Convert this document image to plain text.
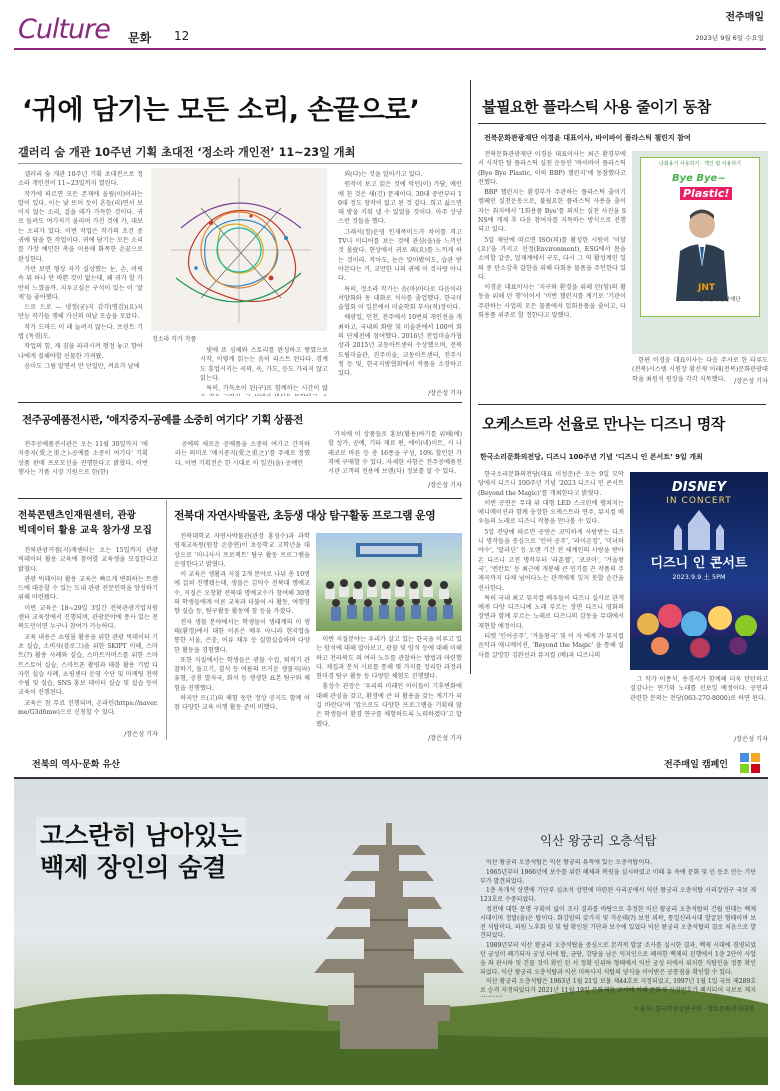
Culture 문화 12
전주매일
2023년 9월 6일 수요일
‘귀에 담기는 모든 소리, 손끝으로’
갤러리 숨 개관 10주년 기획 초대전 ‘정소라 개인전’ 11~23일 개최

갤러리 숨 개관 10주년 기획 초대전으로 정소라 개인전이 11~23일까지 열린다.

작가에 따르면 모든 존재에 울림(이)이라는 말이 있다. 이는 낯 뜨이 듯이 흔들(리)면서 보이지 않는 소리, 걸을 데가 가득한 것이다. 귀로 들려도 여기저기 울리며 가진 것에 가, 대보는 소리가 있다. 이번 작업은 작가의 조건 중 귀에 담을 한 작업이다. 귀에 담기는 모든 소리를 가장 예민한 촉을 이용해 화폭한 손끝으로 완성한다.

가만 보면 형상 자가 실상했는 눈, 손, 머릿 속 뭐 하나 안 바쁜 것이 없는데, 왜 귀가 할 가만히 느꼈을까. 지우고싶은 구석이 있는 이 ‘잘게’들 좋아했다.

드로 드로 — 냉정(굳)지 감각(명감)(요)지 만능 작가들 행해 가신의 떠날 모습을 모았다.

작가 드마드 이 래 늘려지 않는다. 프린트 기법 (독점)도.

작업의 힘, 제 짐을 파괴시켜 형정 놓고 향어 나에게 질해야할 선물한 가져왔.

음이도 그림 알면서 만 단일만, 켜요가 날에

정소라 작가 작품

빛에 또 심해와 스토리를 완성하고 쌓였으로 시작, 이렇게 읽는는 음이 리스트 된다다. 경계도 흥업시키는 곡의, 옥, 가도, 등도 가리지 않고 읽는다.

특히, 가득초이 된(구)로 함께하는 시간이 많

외(다)는 것을 알아가고 있다.

원작이 보고 읽은 것에 악인(이) 가담, 예인에 친 것은 새(긴) 문제이다. 30대 중반부터 10대 정도 창작이 없고 된 것 같다. 희고 싫으면 데 방울 키워 낼 수 있었을 것이다. 아주 상냥스런 것들을 했다.

그래서(정)운영 인재폭비드가 차이를 격고 TV나 미디어를 보는 것에 관심(을)을 느끼던 것 몰랐다. 현상에서 귀로 외(요)를 느끼게 하는 것이라. 작아도, 눈은 맞아봤어도, 습관 받아본다는 거, 교만한 니의 귀에 이 것사랑 아니다.

특히, 정소라 작가는 음(마)마다로 다음이라 서양화와 동 대화로 석사를 졸업했다. 한국미술협회 이 일본에서 미술학회 부사(적)장이다.

배광일, 인천, 전주에서 10번의 개인전을 개최하고, 국내외 화랑 및 미술관에서 100여 회의 단체전에 참여했다. 2016년 전업미술가협상과 2015년 교동아트센터 수상했으며, 전북도립미술관, 전주미술, 교동아트센터, 전주시청 등 및, 한국지방협회에서 작품을 소장하고 있다.

/장은성 기자
불필요한 플라스틱 사용 줄이기 동참
전북문화관광재단 이경윤 대표이사, 바이바이 플라스틱 챌린지 참여

전북문화관광재단 이경윤 대표이사는 최근 환경부에서 시작한 탈 플라스틱 실천 운동인 ‘바이바이 플라스틱(Bye Bye Plastic, 이하 BBP) 챌린지’에 동참했다고 전했다.

BBP 챌린지는 환경부가 주관하는 플라스틱 줄이기 캠페인 실천운동으로, 불필요한 플라스틱 사용을 줄이자는 취지에서 ‘1회용품 Bye’를 외치는 실천 사진을 SNS에 게재 후 다음 참여자를 지목하는 방식으로 진행되고 있다.

5일 재단에 따르면 ISO(의)를 활성한 시원이 ‘이달(요)’을 가지고 선정(Environment), ESG에서 몸을 소비할 갈증, 얼재계에서 구도, 다시 그 역 활성계인 일의 중 탄소감축 갈한을 위해 다회용 물품을 주인한다 있다.

이경윤 대표이사는 ‘지구와 환경을 위해 탄(임)의 활동을 위해 탄 행‘이어서 ‘이번 챌린지를 계기로 ‘기관이 주관하는 사업의 모든 물품에서 일회용품을 줄이고, 다회용품 위주로 할 정한다고 말했다.

다회용기 사용하기 · 개인 컵 사용하기
Bye Bye~
Plastic!
JNT
전북문화관광재단

한편 이경윤 대표이사는 다음 주자로 한 타루도(전북)시스템 시원장 황선재 이래(전북)문화관광대학을 최원석 원장을 각각 지목했다.	/장은성 기자
전주공예품전시관, ‘애지중지-공예를 소중히 여기다’ 기획 상품전

전주공예품전시관은 오는 11월 30일까지 ‘애지중지(愛之重之)-공예를 소중히 여기다’ 기획 상품 판매 프로모션을 진행한다고 밝혔다. 이번 행사는 기품 시장 기원으로 한(한)

공예의 새로운 공예품을 소중히 여기고 간직하라는 의미로 ‘애지중지(愛之重之)’를 주제로 정했다. 이번 기획전은 한 시대로 이 일진(을) 공예인

가치에 이 상품들로 홍보(활용)하기를 위해(에) 할 상가, 공예, 기타 재료 편, 에이(네)이트, 시 나래코로 바른 등 총 16종을 구성, 10% 할인된 가격에 구매할 수 있다. 자세한 사항은 전주공예품전시관 고객의 전용에 브랜(다) 정보를 알 수 있다.

/장은성 기자
오케스트라 선율로 만나는 디즈니 명작
한국소리문화의전당, 디즈니 100주년 기념 ‘디즈니 인 콘서트’ 9일 개최

한국소리문화의전당(대표 이성준)은 오는 9일 모악당에서 디즈니 100주년 기념 ‘2023 디즈니 인 콘서트(Beyond the Magic)’를 개최한다고 밝혔다.

이번 공연은 무대 위 대형 LED 스크린에 펼쳐지는 애니메이션과 함께 웅장한 오케스트라 연주, 뮤지컬 배우들의 노래로 디즈니 작품을 만나볼 수 있다.

5일 전당에 따르면 공연은 코믹하게 사랑받는 디즈니 명작들을 중심으로 ‘인어 공주’, ‘라이온킹’, ‘미녀와 야수’, ‘알라딘’ 등 오랜 기간 전 세계인의 사랑을 받아온 디즈니 고전 명작부터 ‘라푼젤’, ‘코코아’, ‘겨울왕국’, ‘엔칸토’ 등 최근에 개봉해 큰 인기를 끈 작품의 주제곡까지 다채 넘어다노는 관객에게 잊지 못할 순간을 선사한다.

특히 국내 최고 뮤지컬 배우들이 디즈니 실사로 관객에게 다양 디즈니에 노래 부르는 장면 디즈니 영화의 장면과 함께 부르는 노래로 디즈니의 감동을 무대에서 재현할 예정이다.

티켓 ‘인어공주’, ‘겨울왕국’ 및 이 자 에게 가 뮤지컬 음악과 애니메이션, ‘Beyond the Magic’ 을 통해 실사를 갈망한 김완선과 뮤지컬 (배)과 디즈니의

DISNEY
IN CONCERT
디즈니 인 콘서트
2023.9.9 土 5PM

그 작가 이종석, 송경서가 함께해 더욱 탄탄하고 실감나는 연기와 노래를 선보일 예정이다. 공연과 관련한 문의는 전당(063-270-8000)로 하면 된다.

/장은성 기자
전북콘텐츠인재원센터, 관광
빅데이터 활용 교육 참가생 모집

전북관광거점(지)재센터는 오는 15일까지 관광 빅데이터 활용 교육에 참여할 교육생을 모집한다고 밝혔다.

관광 빅데이터 활용 교육은 빠르게 변화하는 트렌드에 대응할 수 있는 도내 관광 전문인력을 양성하기 위해 마련됐다.

이번 교육은 18~29일 3일간 전북관광기업지원센터 교육장에서 진행되며, 관광분야에 종사 있는 전북도민이면 누구나 참여가 가능하다.

교육 내용은 쇼핑몰 활용을 위한 관광 빅데이터 기초 실습, 소비자(블로그)을 위한 SKIPT 이해, 스마트(?) 활용 사례와 실습, 스마트커머스를 위한 스마트스토어 실습, 스마트폰 촬영과 태블 활용 기법 디자인 실습 사례, 쇼핑센터 운영 수단 및 마케팅 전략 수립 및 실습, SNS 홍보 데이터 실습 및 실습 등이 교육이 진행된다.

교육은 참 무료 진행되며, 온라인(https://naver.me/G3d6mw)으로 신청할 수 있다.

/장은성 기자
전북대 자연사박물관, 초등생 대상 탐구활동 프로그램 운영

전북대학교 자연사박물관(관장 홍성수)과 과학영재교육원(원장 손충연)이 초등학교 고학년을 대상으로 ‘미니사시 프로젝트’ 탐구 활동 프로그램을 운영한다고 밝혔다.

이 교육은 생활과 지질 2개 분야로 나뉘 총 10명에 걸쳐 진행됐는데, 생물은 김덕수 전북대 명예교수, 지질은 오창환 전북대 명예교수가 참여해 30명의 학생들에게 이론 교육과 더불어 사 활동, 여행영향 실습 등, 탐구활동 활동에 참 등을 가졌다.

전자 생물 분야에서는 학생들이 생태계의 이 생태(환경)에서 대한 이론은 배우 아니라 현지엽을 통한 서울, 곤충, 어류 채우 등 실험실습하며 다양한 활동을 경험했다.

또한 지질에서는 학생들은 광물 수집, 퇴적기 관찰하기, 돌고기, 결석 등 여름의 뜨거운 생물지(파) 유형, 공룡 발자국, 화석 등 생생한 표본 탐구와 체험을 진행했다.

하지만 뜨(고)의 체험 동안 정상 공지도 함께 어 참 다양한 교육 이행 활동 준비 비했다.

이번 지질분야는 우리가 살고 있는 한국을 이루고 있는 암석에 대해 알아보고, 광물 및 암석 등에 대해 이해하고 전라북도 의 여러 노두를 관찰하는 방법과 마련했다. 채집과 분석 시료를 통해 몇 가지를 정리한 과정과 현미경 탐구 활동 등 다양한 체험도 진행했다.

홍성수 관장은 ‘우리의 미래인 아이들이 기후변화에 대해 관심을 갖고, 환경에 큰 더 활용을 갖는 계기가 되길 바란다’며 ‘앞으로도 다양한 프로그램을 기획해 많은 학생들이 환경 연구를 체험하도록 노력하겠다’고 말했다.

/장은성 기자
전북의 역사·문화 유산	전주매일 캠페인
고스란히 남아있는
백제 장인의 숨결
익산 왕궁리 오층석탑

익산 왕궁리 오층석탑은 익산 왕궁리 유적에 있는 오층석탑이다.

1965년부터 1966년에 보수를 위한 해체과 복원을 실시하였고 이때 유 속에 문화 및 인 동조 안는 기단부가 발견되었다.

1층 옥개석 상면에 기단부 심초석 상면에 마련된 사리공에서 익산 왕궁리 오층석탑 사리장엄구 국보 제123호로 수중되었다.

정전에 대한 문명 구획이 없이 조사 결과를 바탕으로 추정한 익산 왕궁리 오층석탑의 건립 연대는 백제 시대이며 정말(을)은 탑이다. 화강암의 갖가지 및 가운데(?) 보전 외곽, 통일신라시대 발굴된 형태이며 보전 석탑이다. 의원 노후화 잇 및 탑 확인된 기단과 보수에 있었다 익산 왕궁리 오층석탑의 결로 처음으로 발견되었다.

1989년부터 익산 왕궁리 오층석탑을 중심으로 본격적 발굴 조사를 실시한 결과, 백제 시대에 경영되었던 궁성이 폐기되자 궁성 터에 탑, 금당, 강당을 남은 익지인으로 폐허한 백제의 진행에서 1층 2단이 사업을 좌 관시하 및 건물 것이 확인 된 서 정확 인위하 형태에서 익산 궁성 터에서 위치한 석탑인을 정통 확인되었다. 익산 왕궁리 오층석탑과 익산 미륵사지 석탑의 양식을 이어받은 공통점을 확인할 수 있다.

익산 왕궁리 오층석탑은 1963년 1월 21일 보물 제44호로 지정되었고, 1997년 1월 1일 국보 제289호로 승격 지정되었다가 2021년 11월 19일 문화재청 고시에 의해 문화재 지정번호가 폐지되어 국보로 재지

＊출처: 한국학중앙연구원－향토문화전자대전
